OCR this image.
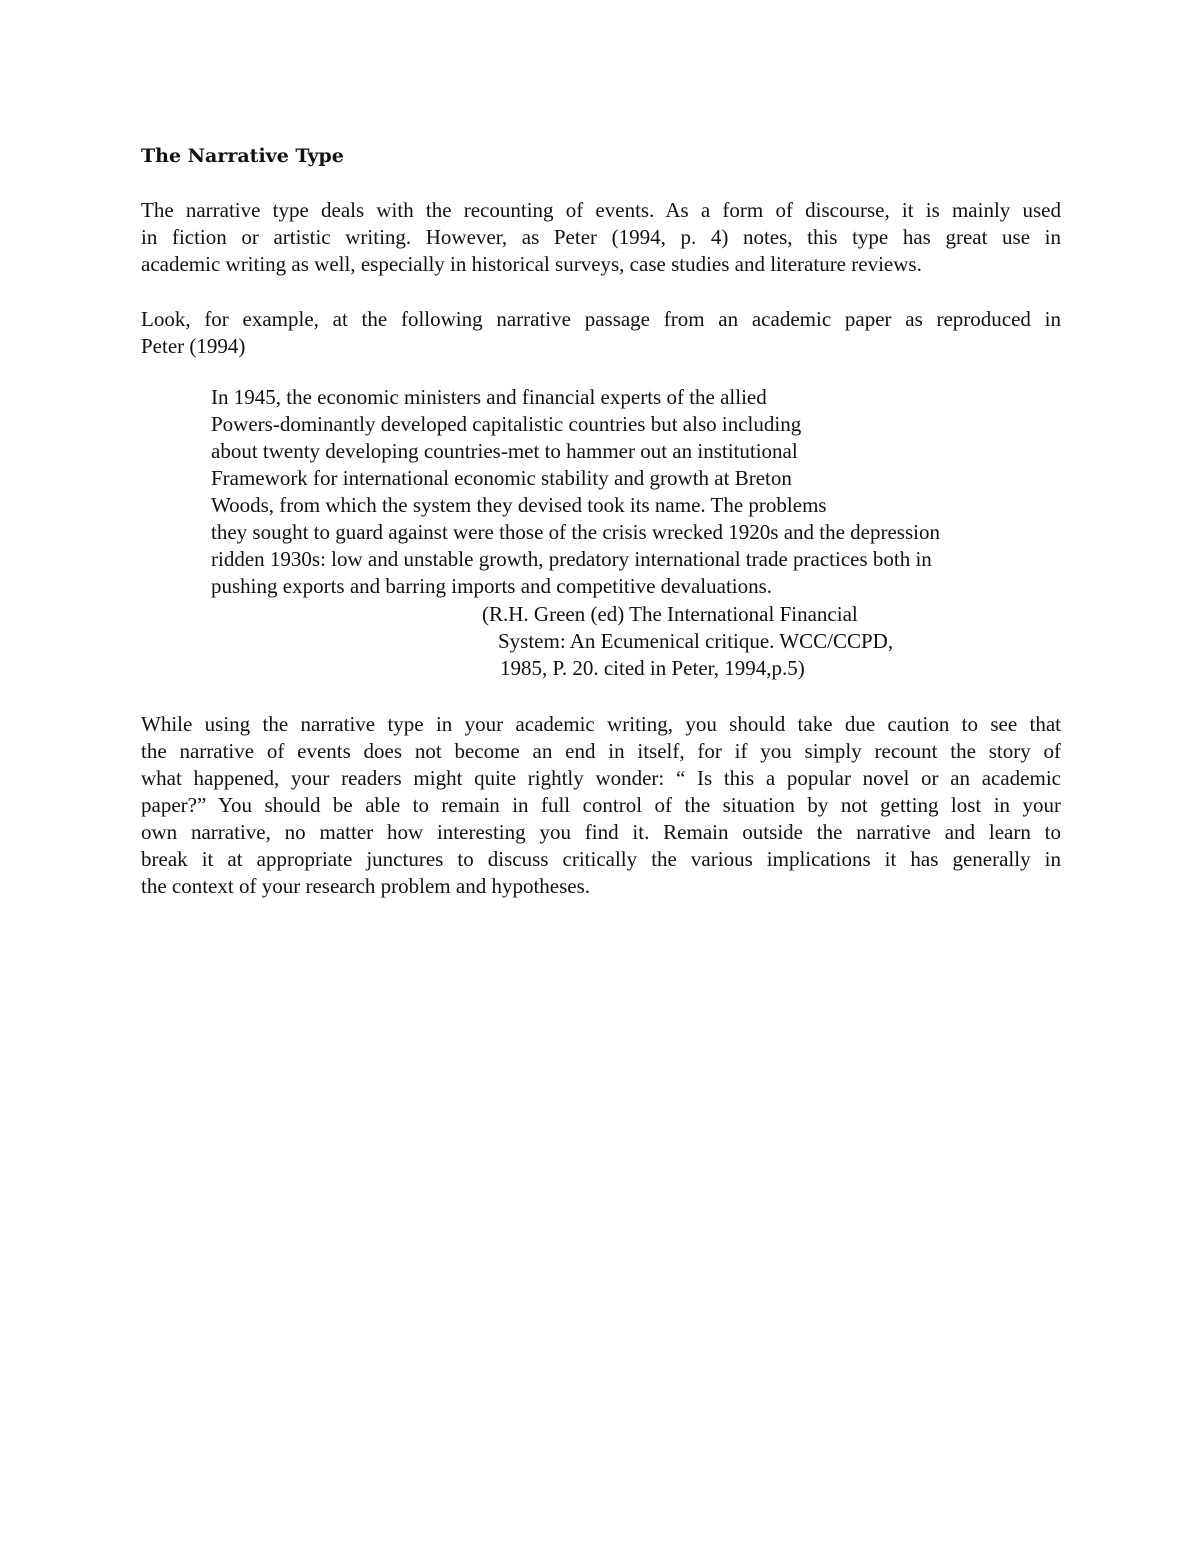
The Narrative Type
The narrative type deals with the recounting of events. As a form of discourse, it is mainly used
in fiction or artistic writing. However, as Peter (1994, p. 4) notes, this type has great use in
academic writing as well, especially in historical surveys, case studies and literature reviews.
Look, for example, at the following narrative passage from an academic paper as reproduced in
Peter (1994)
In 1945, the economic ministers and financial experts of the allied
Powers-dominantly developed capitalistic countries but also including
about twenty developing countries-met to hammer out an institutional
Framework for international economic stability and growth at Breton
Woods, from which the system they devised took its name. The problems
they sought to guard against were those of the crisis wrecked 1920s and the depression
ridden 1930s: low and unstable growth, predatory international trade practices both in
pushing exports and barring imports and competitive devaluations.
(R.H. Green (ed) The International Financial
System: An Ecumenical critique. WCC/CCPD,
1985, P. 20. cited in Peter, 1994,p.5)
While using the narrative type in your academic writing, you should take due caution to see that
the narrative of events does not become an end in itself, for if you simply recount the story of
what happened, your readers might quite rightly wonder: “ Is this a popular novel or an academic
paper?” You should be able to remain in full control of the situation by not getting lost in your
own narrative, no matter how interesting you find it. Remain outside the narrative and learn to
break it at appropriate junctures to discuss critically the various implications it has generally in
the context of your research problem and hypotheses.
